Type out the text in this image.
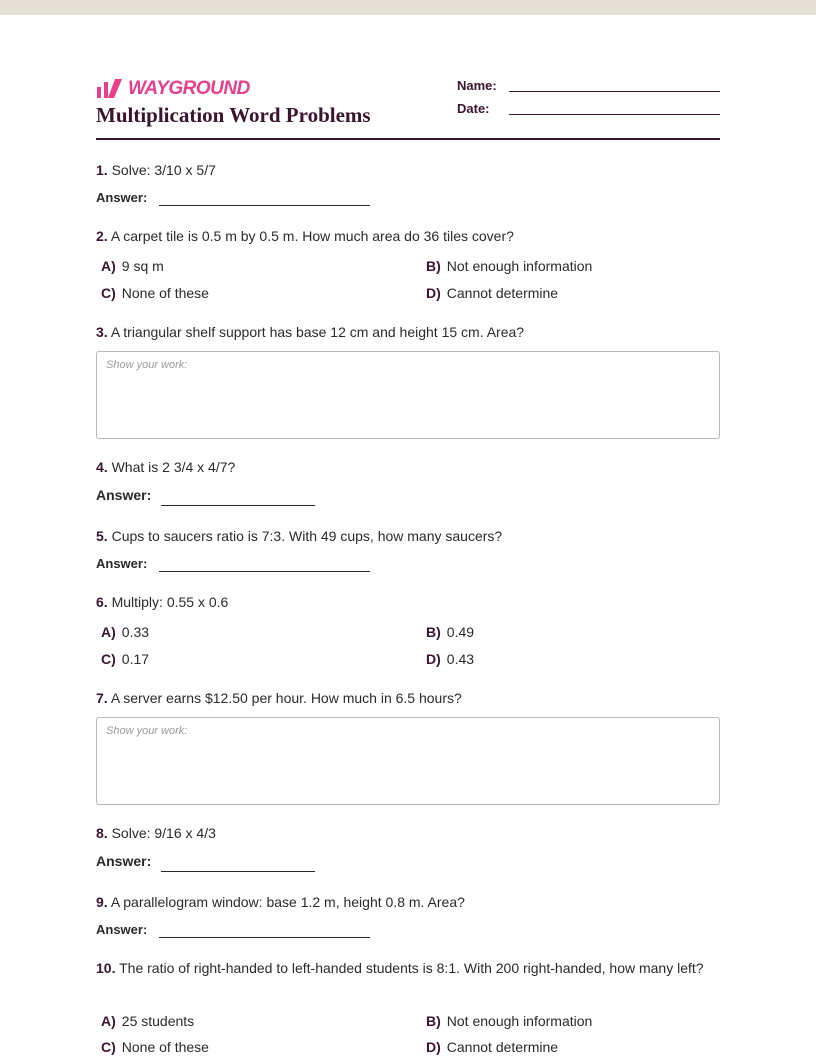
WAYGROUND
Multiplication Word Problems
Name:
Date:
1. Solve: 3/10 x 5/7
Answer:
2. A carpet tile is 0.5 m by 0.5 m. How much area do 36 tiles cover?
A) 9 sq m	B) Not enough information
C) None of these	D) Cannot determine
3. A triangular shelf support has base 12 cm and height 15 cm. Area?
Show your work:
4. What is 2 3/4 x 4/7?
Answer:
5. Cups to saucers ratio is 7:3. With 49 cups, how many saucers?
Answer:
6. Multiply: 0.55 x 0.6
A) 0.33	B) 0.49
C) 0.17	D) 0.43
7. A server earns $12.50 per hour. How much in 6.5 hours?
Show your work:
8. Solve: 9/16 x 4/3
Answer:
9. A parallelogram window: base 1.2 m, height 0.8 m. Area?
Answer:
10. The ratio of right-handed to left-handed students is 8:1. With 200 right-handed, how many left?
A) 25 students	B) Not enough information
C) None of these	D) Cannot determine
